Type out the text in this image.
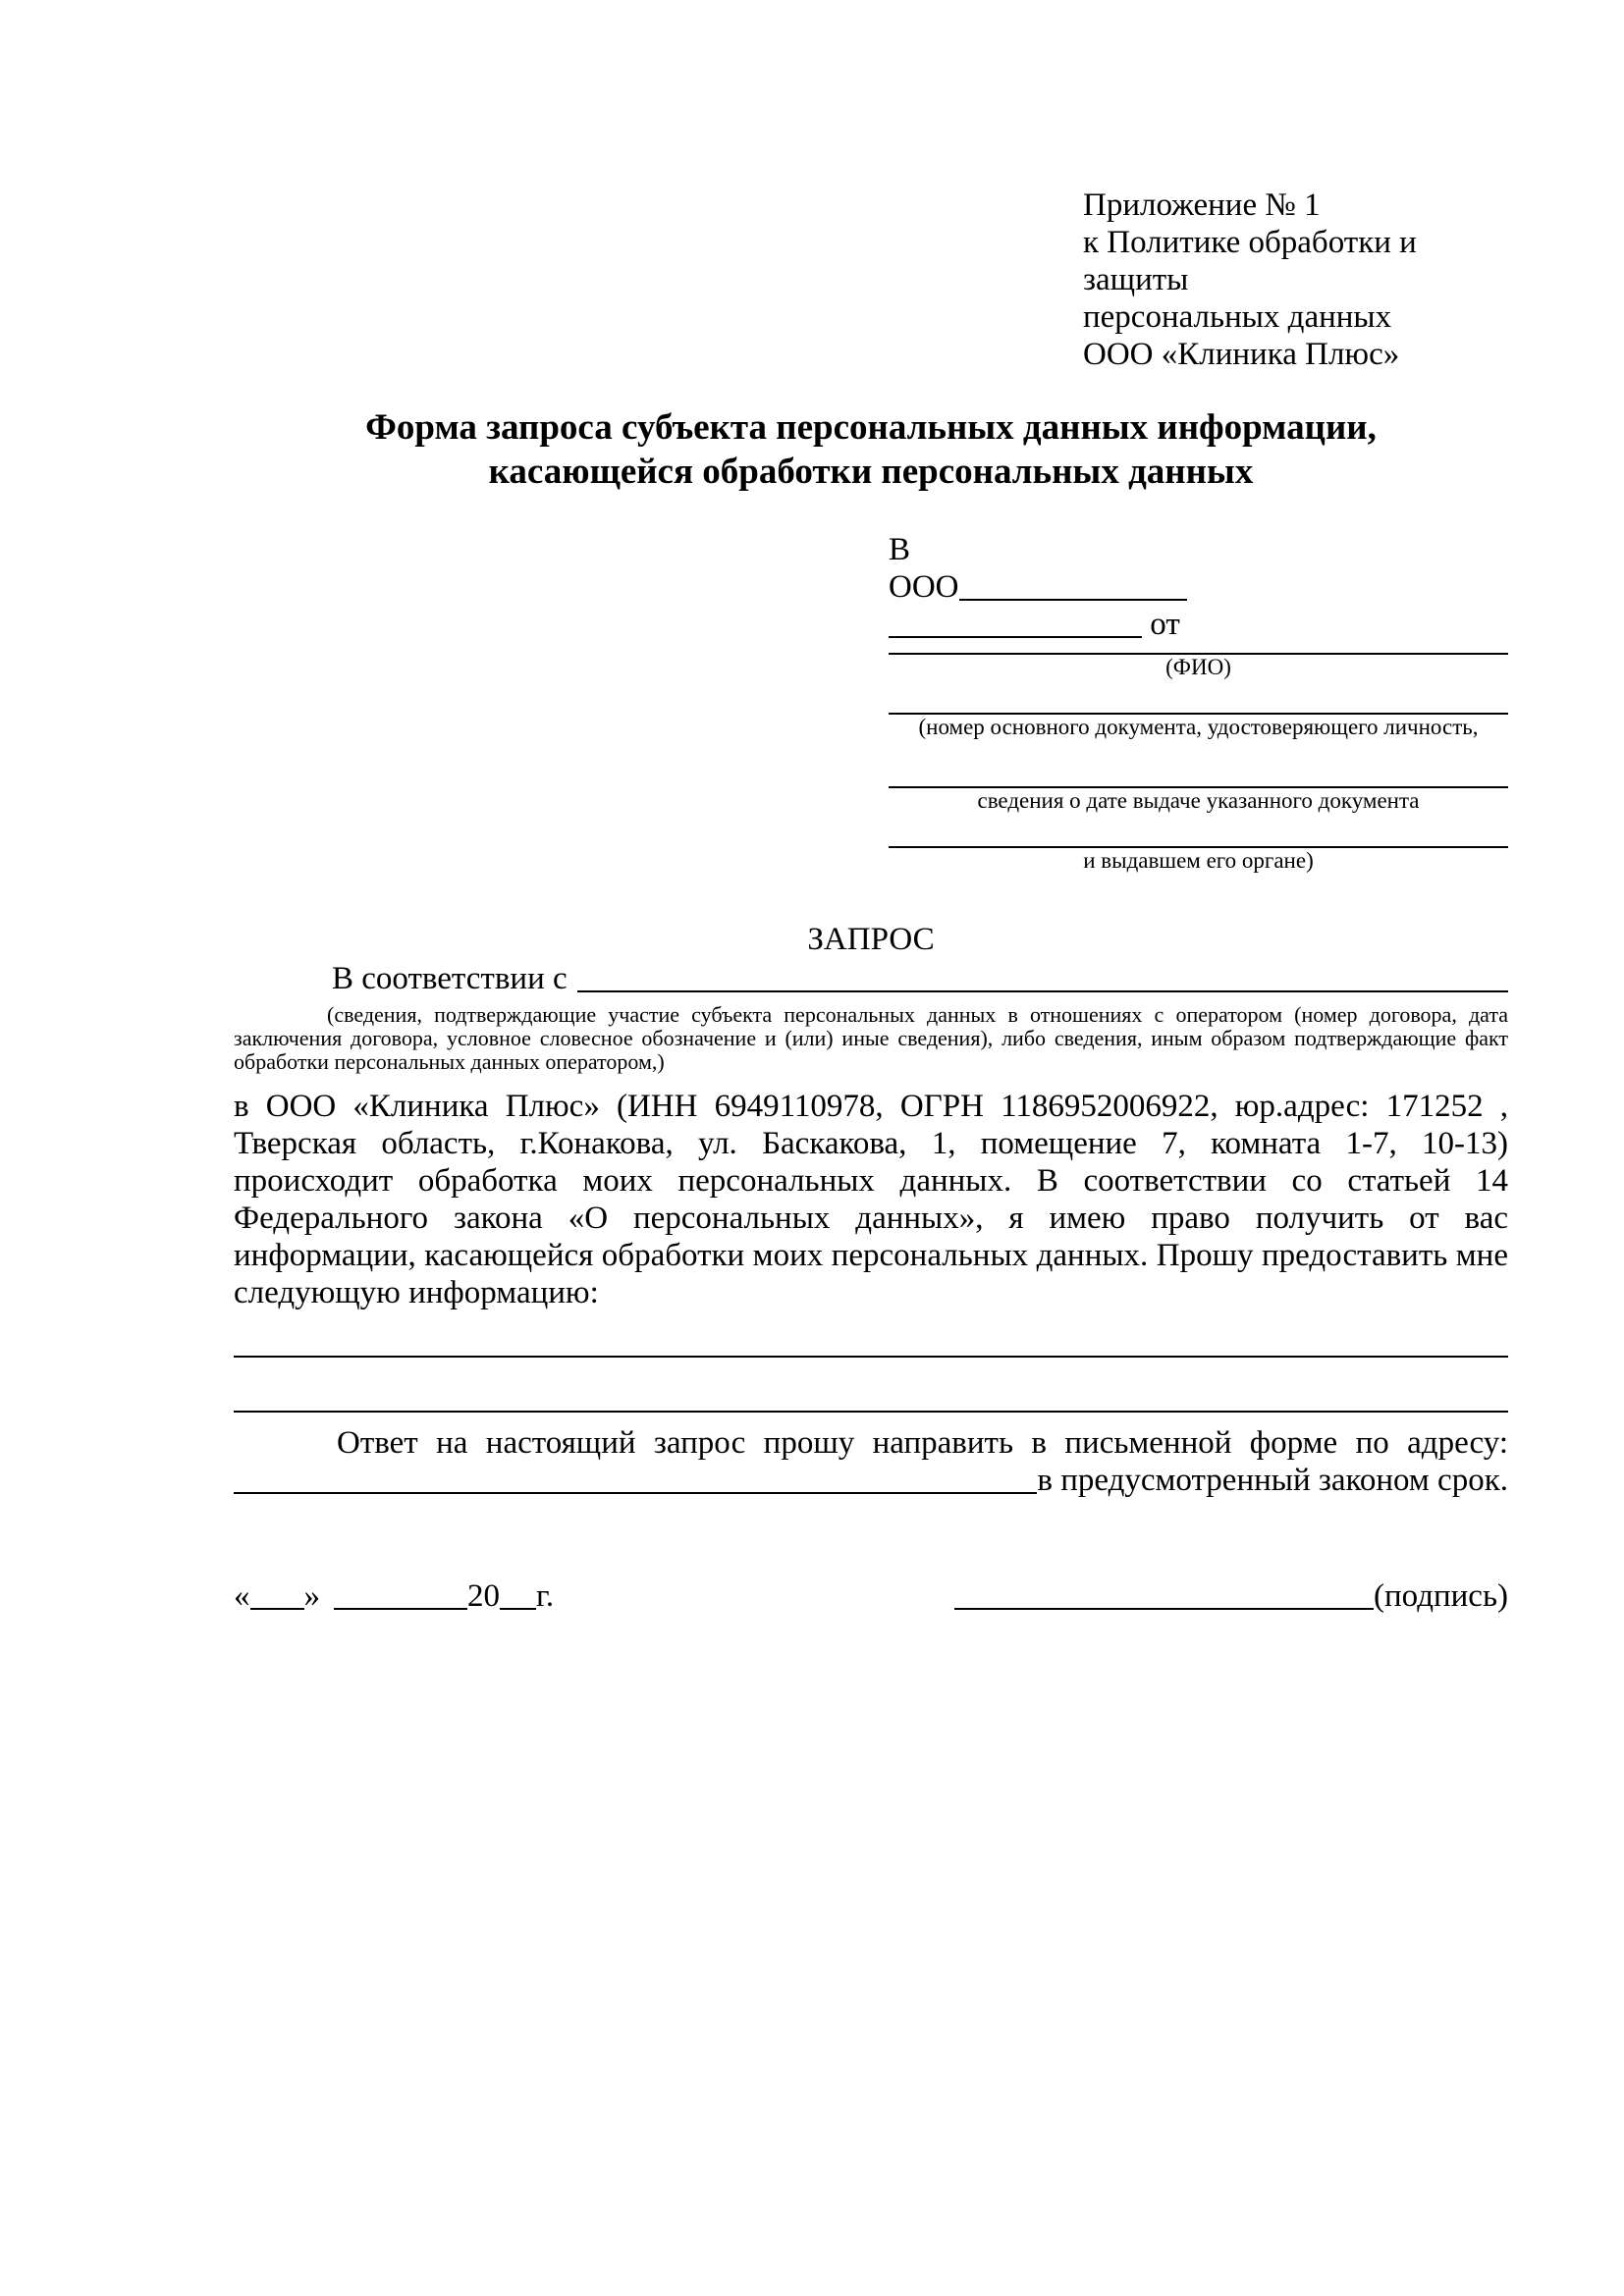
Приложение № 1
к Политике обработки и защиты
персональных данных
ООО «Клиника Плюс»
Форма запроса субъекта персональных данных информации,
касающейся обработки персональных данных
В
ООО
от
(ФИО)
(номер основного документа, удостоверяющего личность,
сведения о дате выдаче указанного документа
и выдавшем его органе)
ЗАПРОС
В соответствии с
(сведения, подтверждающие участие субъекта персональных данных в отношениях с оператором (номер договора, дата заключения договора, условное словесное обозначение и (или) иные сведения), либо сведения, иным образом подтверждающие факт обработки персональных данных оператором,)
в ООО «Клиника Плюс» (ИНН 6949110978, ОГРН 1186952006922, юр.адрес: 171252 , Тверская область, г.Конакова, ул. Баскакова, 1, помещение 7, комната 1-7, 10-13) происходит обработка моих персональных данных. В соответствии со статьей 14 Федерального закона «О персональных данных», я имею право получить от вас информации, касающейся обработки моих персональных данных. Прошу предоставить мне следующую информацию:
Ответ на настоящий запрос прошу направить в письменной форме по адресу:
в предусмотренный законом срок.
« »	20 г.	(подпись)
